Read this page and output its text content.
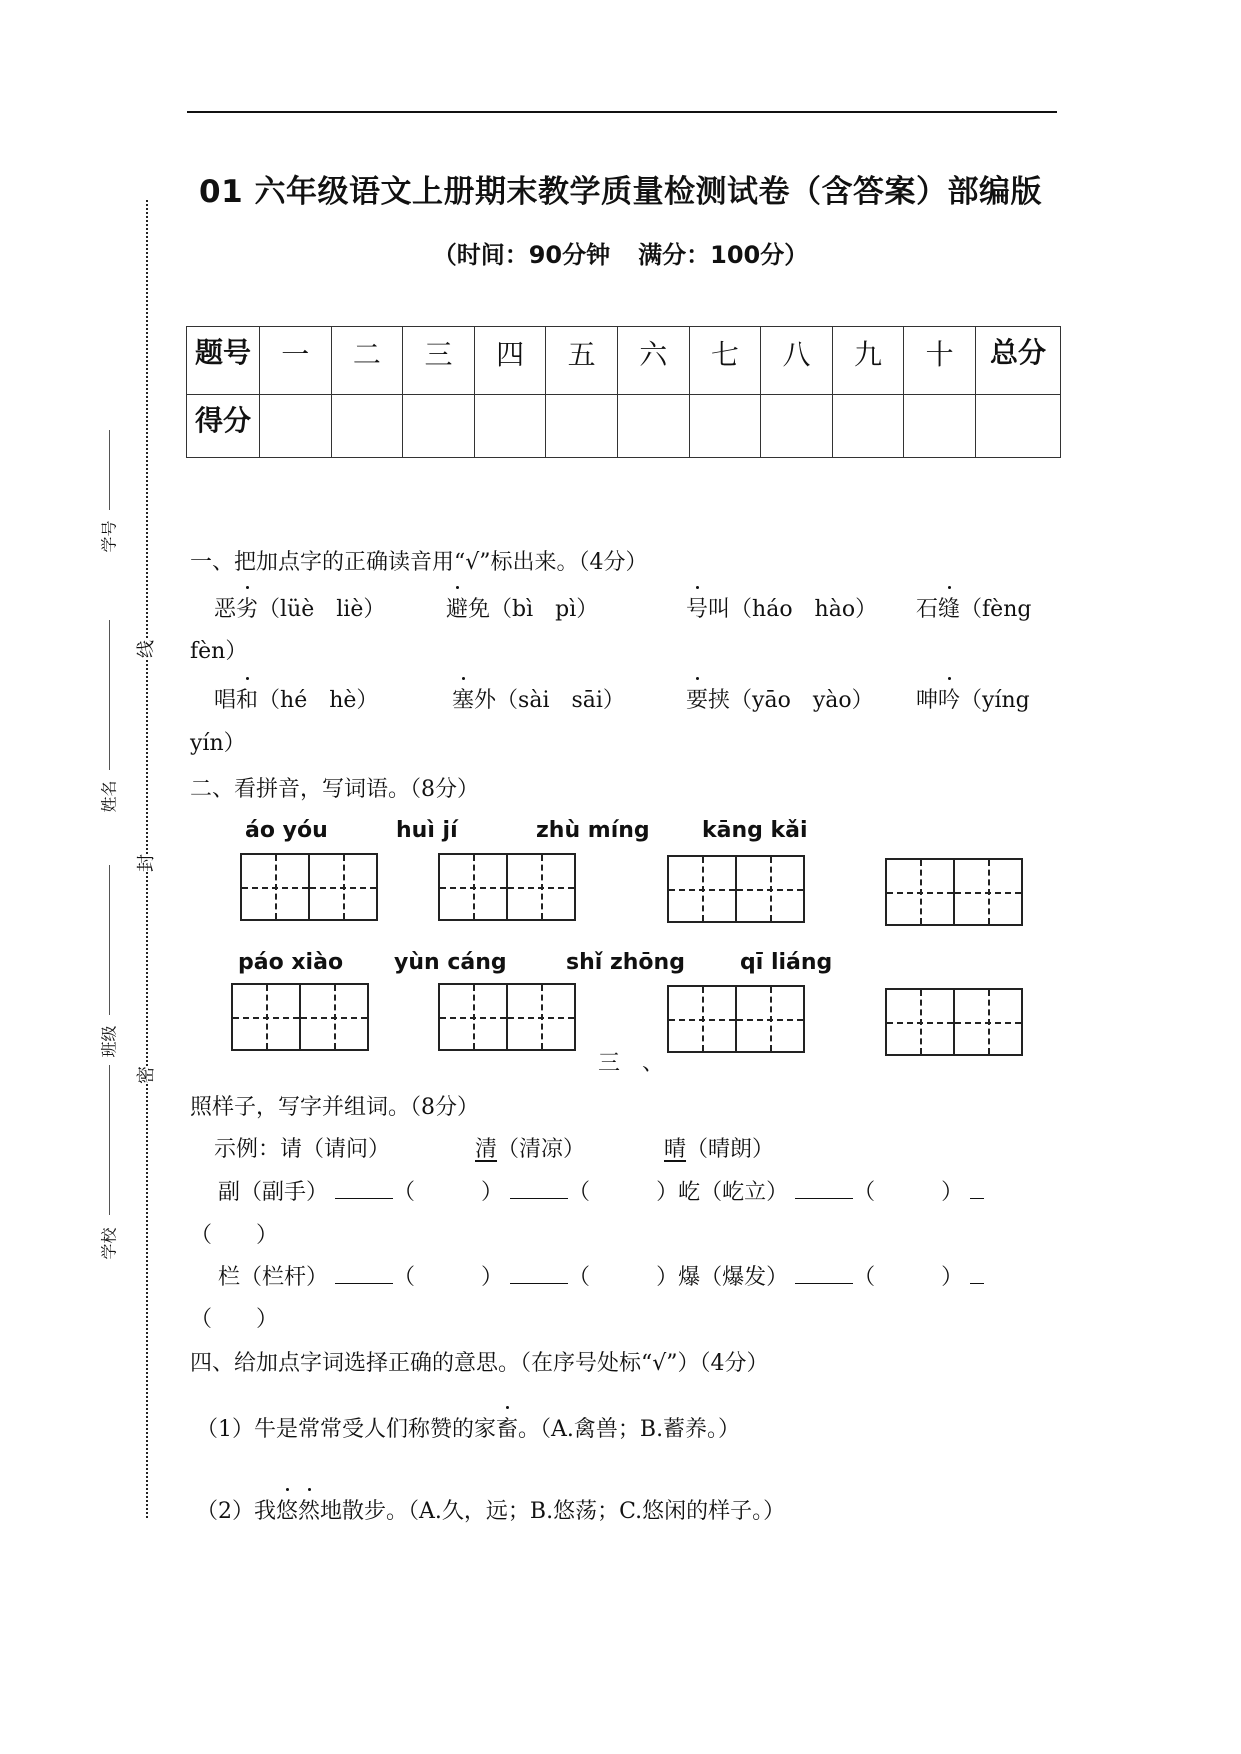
线
封
密
学号
姓名
班级
学校
01 六年级语文上册期末教学质量检测试卷（含答案）部编版
（时间：90分钟 满分：100分）
题号	一	二	三	四	五	六	七	八	九	十	总分
得分											
一、把加点字的正确读音用“√”标出来。（4分）
恶劣（lüè　liè）	避免（bì　pì）	号叫（háo　hào） 石缝（fèng
fèn）
唱和（hé　hè）	塞外（sài　sāi）	要挟（yāo　yào） 呻吟（yíng
yín）
二、看拼音，写词语。（8分）
áo yóu	huì jí	zhù míng kāng kǎi
páo xiào yùn cáng	shǐ zhōng	qī liáng
三　、
照样子，写字并组词。（8分）
示例：请（请问）	清（清凉）	晴（晴朗）
副（副手）	（	）	（	）屹（屹立）	（	）
（　　）
栏（栏杆）	（	）	（	）爆（爆发）	（	）
（　　）
四、给加点字词选择正确的意思。（在序号处标“√”）（4分）
（1）牛是常常受人们称赞的家畜。（A.禽兽；B.蓄养。）
（2）我悠然地散步。（A.久，远；B.悠荡；C.悠闲的样子。）
